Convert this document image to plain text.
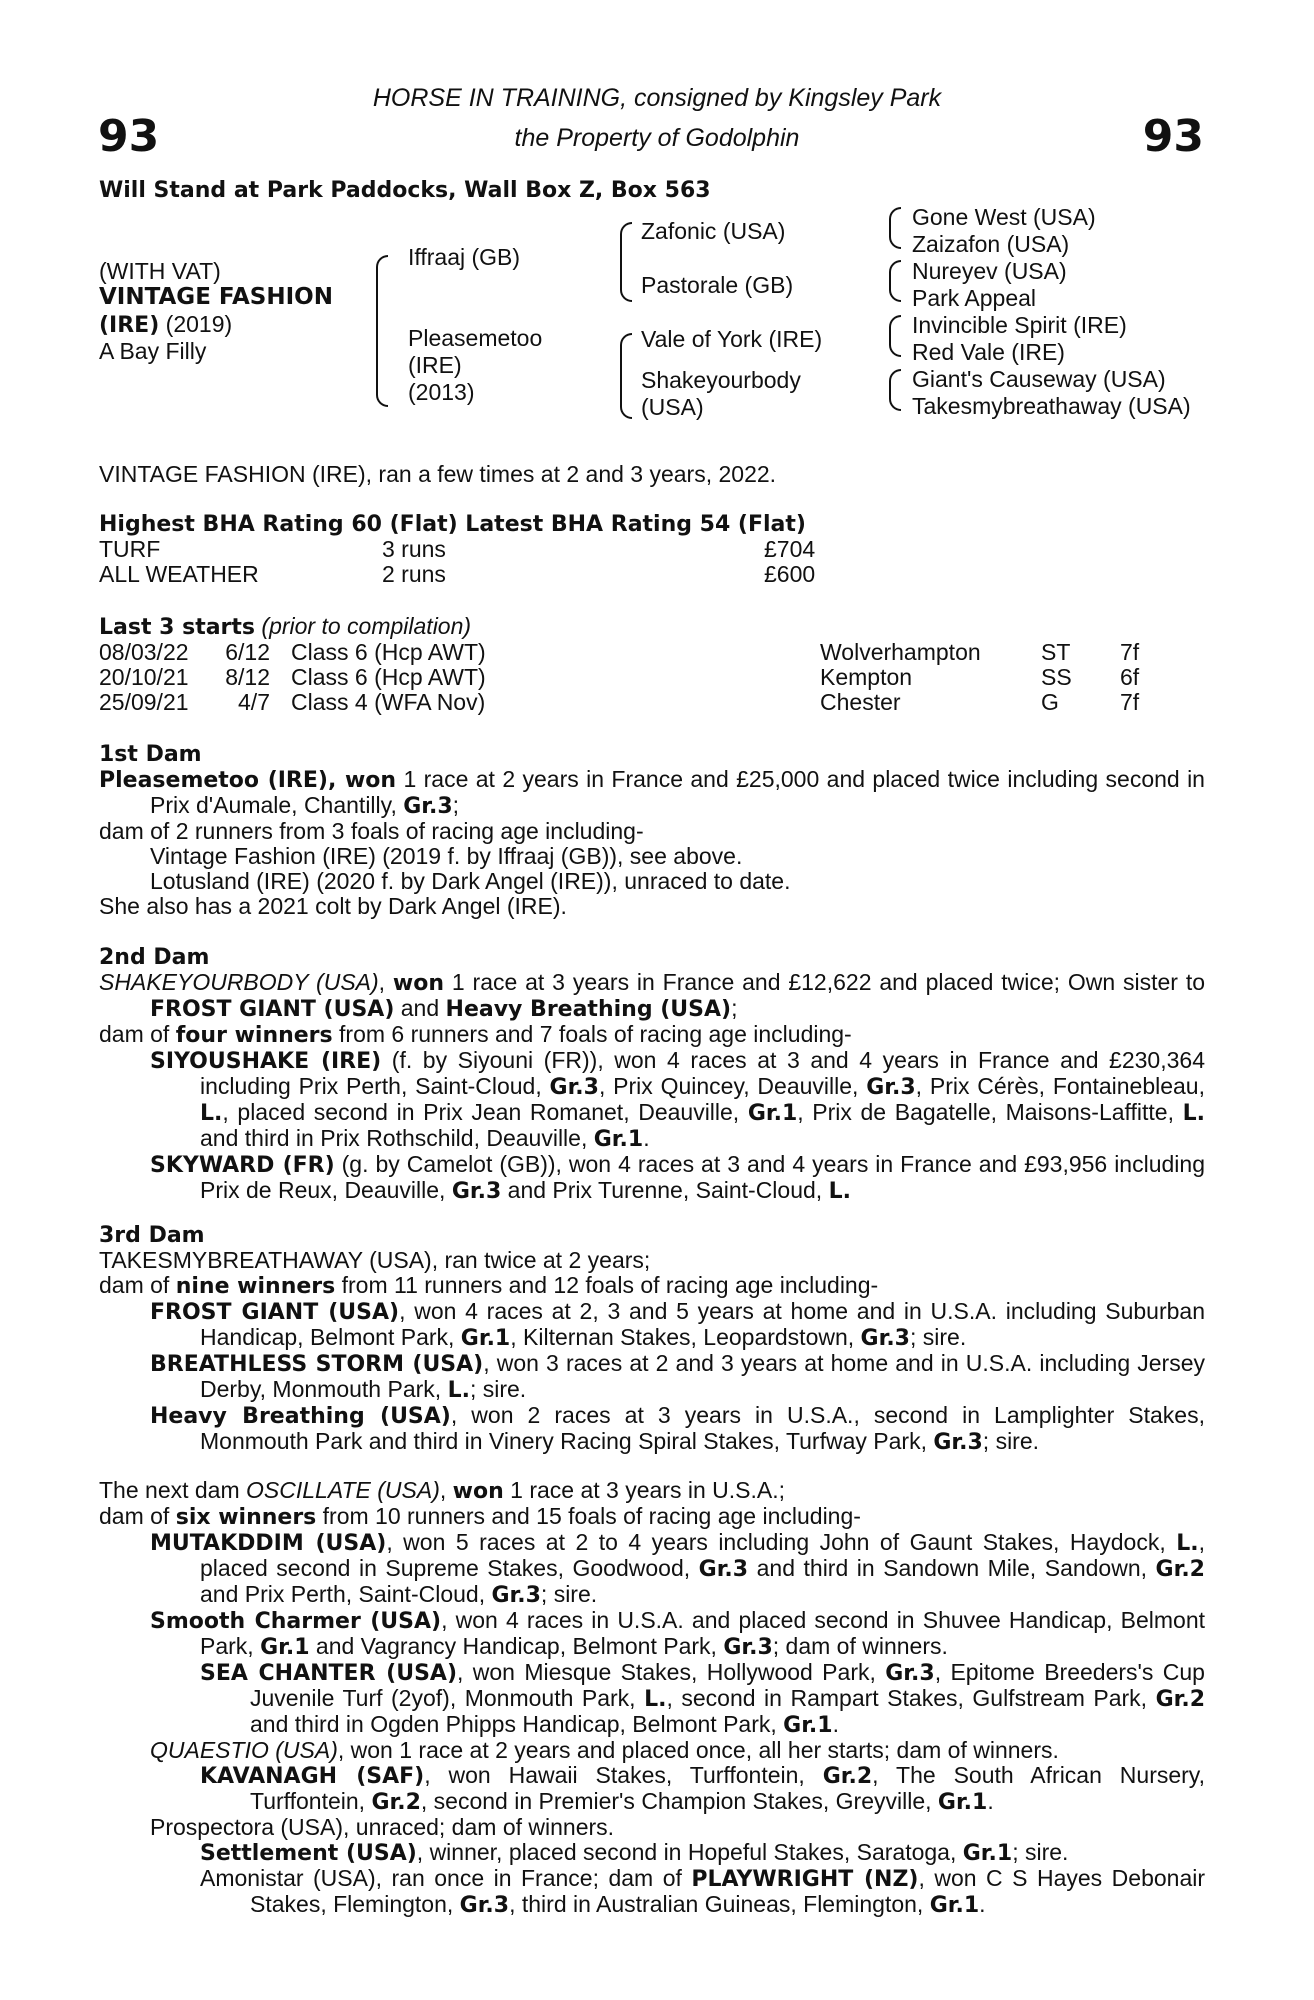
93	93
HORSE IN TRAINING, consigned by Kingsley Park
the Property of Godolphin
Will Stand at Park Paddocks, Wall Box Z, Box 563
(WITH VAT)
VINTAGE FASHION
(IRE) (2019)
A Bay Filly
Iffraaj (GB)
Pleasemetoo
(IRE)
(2013)
Zafonic (USA)
Pastorale (GB)
Vale of York (IRE)
Shakeyourbody
(USA)
Gone West (USA)
Zaizafon (USA)
Nureyev (USA)
Park Appeal
Invincible Spirit (IRE)
Red Vale (IRE)
Giant's Causeway (USA)
Takesmybreathaway (USA)
VINTAGE FASHION (IRE), ran a few times at 2 and 3 years, 2022.
Highest BHA Rating 60 (Flat) Latest BHA Rating 54 (Flat)
TURF	3 runs	£704
ALL WEATHER	2 runs	£600
Last 3 starts (prior to compilation)
08/03/22 6/12 Class 6 (Hcp AWT)	Wolverhampton	ST 7f
20/10/21 8/12 Class 6 (Hcp AWT)	Kempton	SS 6f
25/09/21	4/7 Class 4 (WFA Nov)	Chester	G	7f
1st Dam
Pleasemetoo (IRE), won 1 race at 2 years in France and £25,000 and placed twice including second in Prix d'Aumale, Chantilly, Gr.3;
dam of 2 runners from 3 foals of racing age including-
Vintage Fashion (IRE) (2019 f. by Iffraaj (GB)), see above.
Lotusland (IRE) (2020 f. by Dark Angel (IRE)), unraced to date.
She also has a 2021 colt by Dark Angel (IRE).
2nd Dam
SHAKEYOURBODY (USA), won 1 race at 3 years in France and £12,622 and placed twice; Own sister to FROST GIANT (USA) and Heavy Breathing (USA);
dam of four winners from 6 runners and 7 foals of racing age including-
SIYOUSHAKE (IRE) (f. by Siyouni (FR)), won 4 races at 3 and 4 years in France and £230,364 including Prix Perth, Saint-Cloud, Gr.3, Prix Quincey, Deauville, Gr.3, Prix Cérès, Fontainebleau, L., placed second in Prix Jean Romanet, Deauville, Gr.1, Prix de Bagatelle, Maisons-Laffitte, L. and third in Prix Rothschild, Deauville, Gr.1.
SKYWARD (FR) (g. by Camelot (GB)), won 4 races at 3 and 4 years in France and £93,956 including Prix de Reux, Deauville, Gr.3 and Prix Turenne, Saint-Cloud, L.
3rd Dam
TAKESMYBREATHAWAY (USA), ran twice at 2 years;
dam of nine winners from 11 runners and 12 foals of racing age including-
FROST GIANT (USA), won 4 races at 2, 3 and 5 years at home and in U.S.A. including Suburban Handicap, Belmont Park, Gr.1, Kilternan Stakes, Leopardstown, Gr.3; sire.
BREATHLESS STORM (USA), won 3 races at 2 and 3 years at home and in U.S.A. including Jersey Derby, Monmouth Park, L.; sire.
Heavy Breathing (USA), won 2 races at 3 years in U.S.A., second in Lamplighter Stakes, Monmouth Park and third in Vinery Racing Spiral Stakes, Turfway Park, Gr.3; sire.
The next dam OSCILLATE (USA), won 1 race at 3 years in U.S.A.;
dam of six winners from 10 runners and 15 foals of racing age including-
MUTAKDDIM (USA), won 5 races at 2 to 4 years including John of Gaunt Stakes, Haydock, L., placed second in Supreme Stakes, Goodwood, Gr.3 and third in Sandown Mile, Sandown, Gr.2 and Prix Perth, Saint-Cloud, Gr.3; sire.
Smooth Charmer (USA), won 4 races in U.S.A. and placed second in Shuvee Handicap, Belmont Park, Gr.1 and Vagrancy Handicap, Belmont Park, Gr.3; dam of winners.
SEA CHANTER (USA), won Miesque Stakes, Hollywood Park, Gr.3, Epitome Breeders's Cup Juvenile Turf (2yof), Monmouth Park, L., second in Rampart Stakes, Gulfstream Park, Gr.2 and third in Ogden Phipps Handicap, Belmont Park, Gr.1.
QUAESTIO (USA), won 1 race at 2 years and placed once, all her starts; dam of winners.
KAVANAGH (SAF), won Hawaii Stakes, Turffontein, Gr.2, The South African Nursery, Turffontein, Gr.2, second in Premier's Champion Stakes, Greyville, Gr.1.
Prospectora (USA), unraced; dam of winners.
Settlement (USA), winner, placed second in Hopeful Stakes, Saratoga, Gr.1; sire.
Amonistar (USA), ran once in France; dam of PLAYWRIGHT (NZ), won C S Hayes Debonair Stakes, Flemington, Gr.3, third in Australian Guineas, Flemington, Gr.1.
